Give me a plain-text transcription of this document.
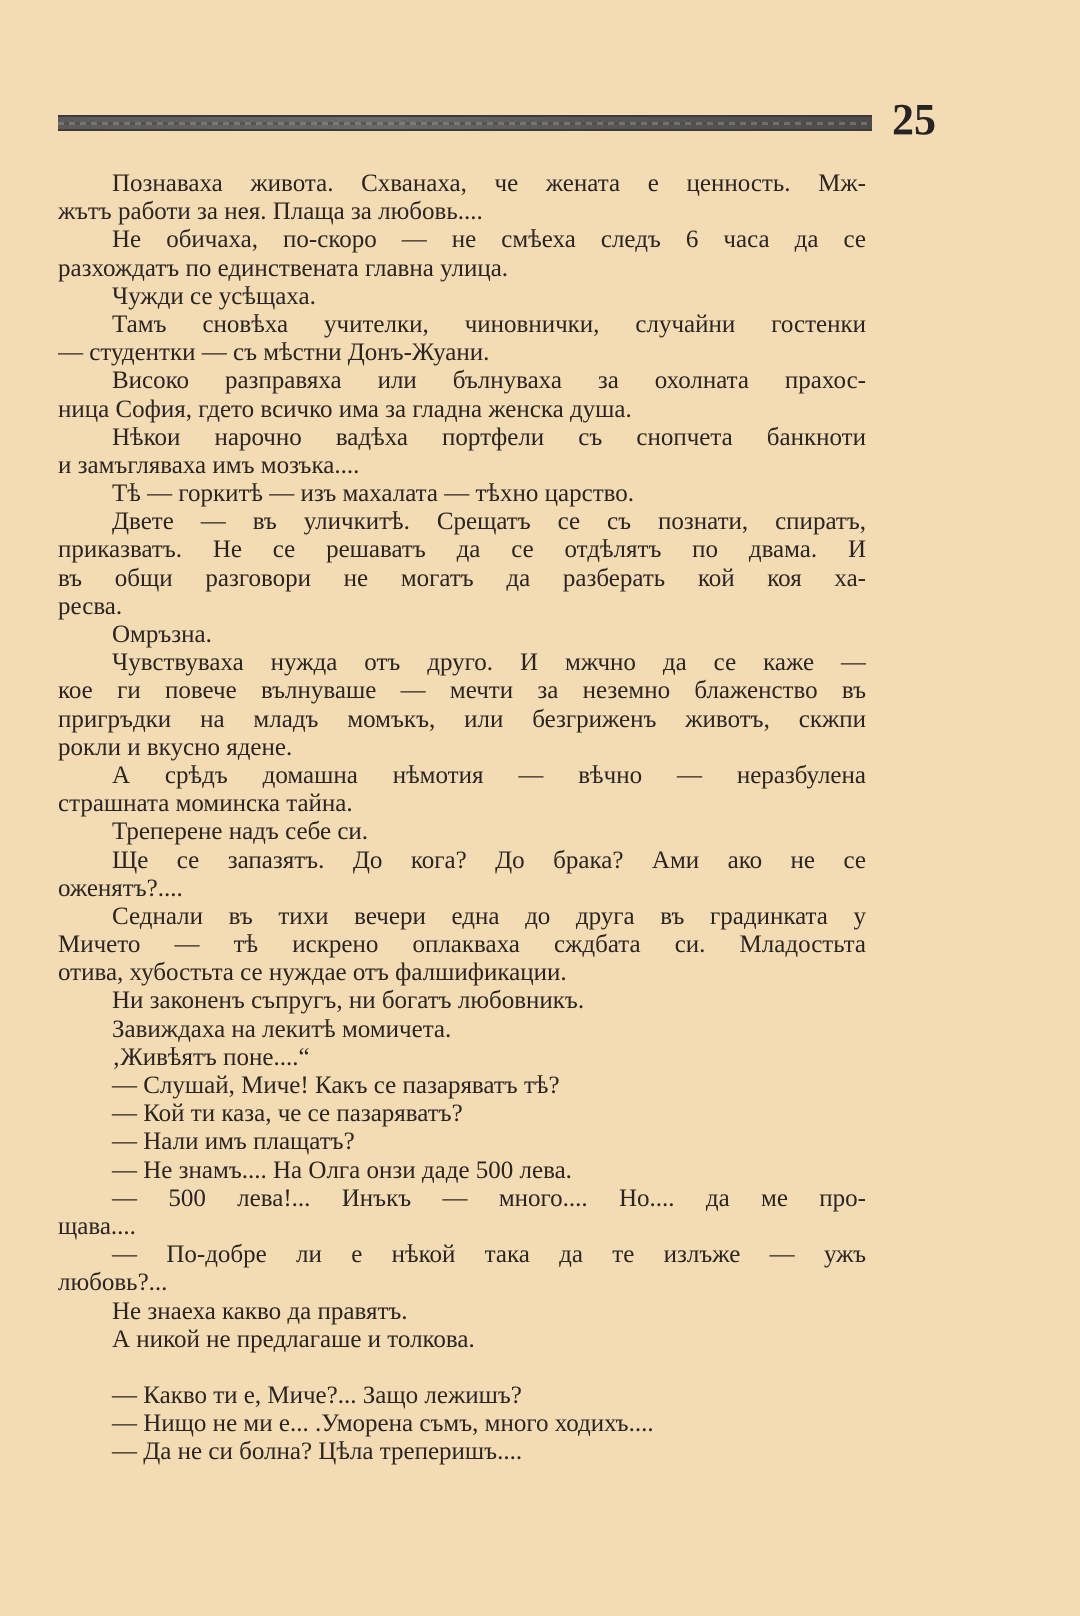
25
Познаваха живота. Схванаха, че жената е ценность. Мж-
жътъ работи за нея. Плаща за любовь....
Не обичаха, по-скоро — не смѣеха следъ 6 часа да се
разхождатъ по единствената главна улица.
Чужди се усѣщаха.
Тамъ сновѣха учителки, чиновнички, случайни гостенки
— студентки — съ мѣстни Донъ-Жуани.
Високо разправяха или бълнуваха за охолната прахос-
ница София, гдето всичко има за гладна женска душа.
Нѣкои нарочно вадѣха портфели съ снопчета банкноти
и замъгляваха имъ мозъка....
Тѣ — горкитѣ — изъ махалата — тѣхно царство.
Двете — въ уличкитѣ. Срещатъ се съ познати, спиратъ,
приказватъ. Не се решаватъ да се отдѣлятъ по двама. И
въ общи разговори не могатъ да разберать кой коя ха-
ресва.
Омръзна.
Чувствуваха нужда отъ друго. И мжчно да се каже —
кое ги повече вълнуваше — мечти за неземно блаженство въ
пригръдки на младъ момъкъ, или безгриженъ животъ, скжпи
рокли и вкусно ядене.
А срѣдъ домашна нѣмотия — вѣчно — неразбулена
страшната моминска тайна.
Треперене надъ себе си.
Ще се запазятъ. До кога? До брака? Ами ако не се
оженятъ?....
Седнали въ тихи вечери една до друга въ градинката у
Мичето — тѣ искрено оплакваха сждбата си. Младостьта
отива, хубостьта се нуждае отъ фалшификации.
Ни законенъ съпругъ, ни богатъ любовникъ.
Завиждаха на лекитѣ момичета.
‚Живѣятъ поне....“
— Слушай, Миче! Какъ се пазаряватъ тѣ?
— Кой ти каза, че се пазаряватъ?
— Нали имъ плащатъ?
— Не знамъ.... На Олга онзи даде 500 лева.
— 500 лева!... Инъкъ — много.... Но.... да ме про-
щава....
— По-добре ли е нѣкой така да те излъже — ужъ
любовь?...
Не знаеха какво да правятъ.
А никой не предлагаше и толкова.
— Какво ти е, Миче?... Защо лежишъ?
— Нищо не ми е... .Уморена съмъ, много ходихъ....
— Да не си болна? Цѣла треперишъ....
